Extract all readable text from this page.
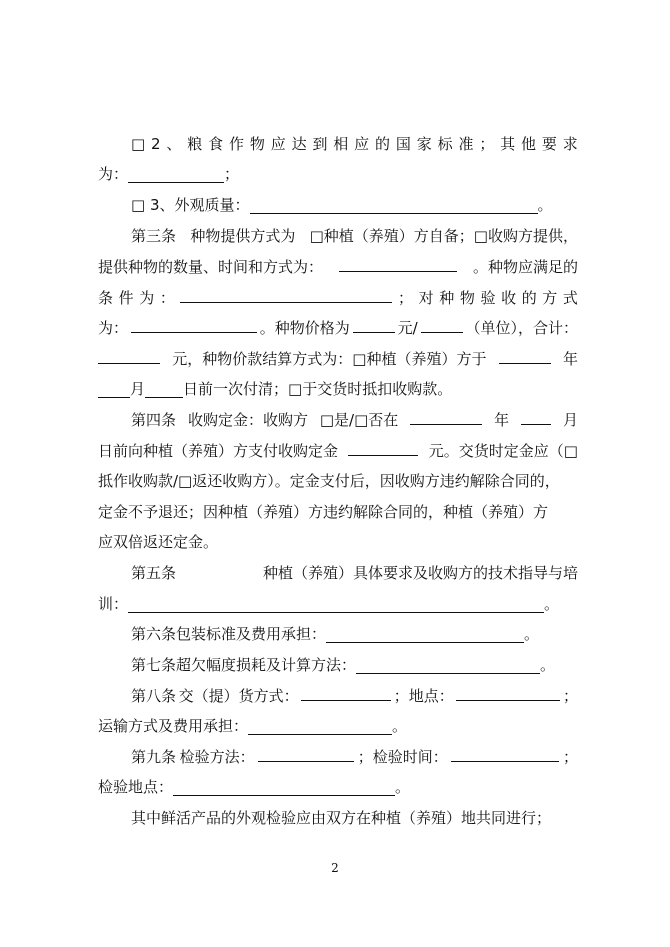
□ 2 、 粮 食 作 物 应 达 到 相 应 的 国 家 标 准 ； 其 他 要 求
为：	；
□ 3、外观质量：	。
第三条 种物提供方式为 □种植（养殖）方自备；□收购方提供，
提供种物的数量、时间和方式为：	。种物应满足的
条 件 为 ：	； 对 种 物 验 收 的 方 式
为：	。种物价格为	元/	（单位），合计：
元，种物价款结算方式为：□种植（养殖）方于	年
月	日前一次付清；□于交货时抵扣收购款。
第四条 收购定金：收购方 □是/□否在	年	月
日前向种植（养殖）方支付收购定金	元。交货时定金应（□
抵作收购款/□返还收购方）。定金支付后，因收购方违约解除合同的，
定金不予退还；因种植（养殖）方违约解除合同的，种植（养殖）方
应双倍返还定金。
第五条	种植（养殖）具体要求及收购方的技术指导与培
训：	。
第六条包装标准及费用承担：	。
第七条超欠幅度损耗及计算方法：	。
第八条 交（提）货方式：	；地点：	；
运输方式及费用承担：	。
第九条 检验方法：	；检验时间：	；
检验地点：	。
其中鲜活产品的外观检验应由双方在种植（养殖）地共同进行；
2
